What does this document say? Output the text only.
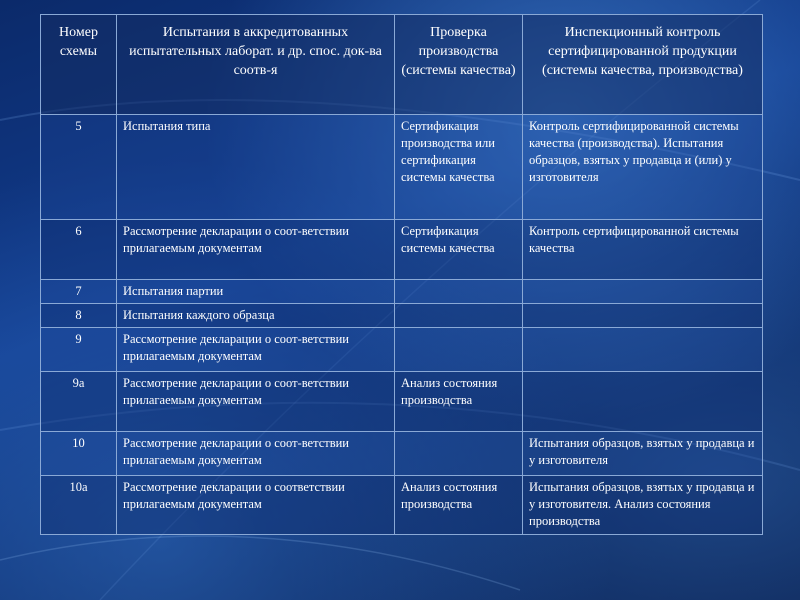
Номер схемы	Испытания в аккредитованных испытательных лаборат. и др. спос. док-ва соотв-я	Проверка производства (системы качества)	Инспекционный контроль сертифицированной продукции (системы качества, производства)
5	Испытания типа	Сертификация производства или сертификация системы качества	Контроль сертифицированной системы качества (производства). Испытания образцов, взятых у продавца и (или) у изготовителя
6	Рассмотрение декларации о соот-ветствии прилагаемым документам	Сертификация системы качества	Контроль сертифицированной системы качества
7	Испытания партии		
8	Испытания каждого образца		
9	Рассмотрение декларации о соот-ветствии прилагаемым документам		
9а	Рассмотрение декларации о соот-ветствии прилагаемым документам	Анализ состояния производства	
10	Рассмотрение декларации о соот-ветствии прилагаемым документам		Испытания образцов, взятых у продавца и у изготовителя
10а	Рассмотрение декларации о соответствии прилагаемым документам	Анализ состояния производства	Испытания образцов, взятых у продавца и у изготовителя. Анализ состояния производства
